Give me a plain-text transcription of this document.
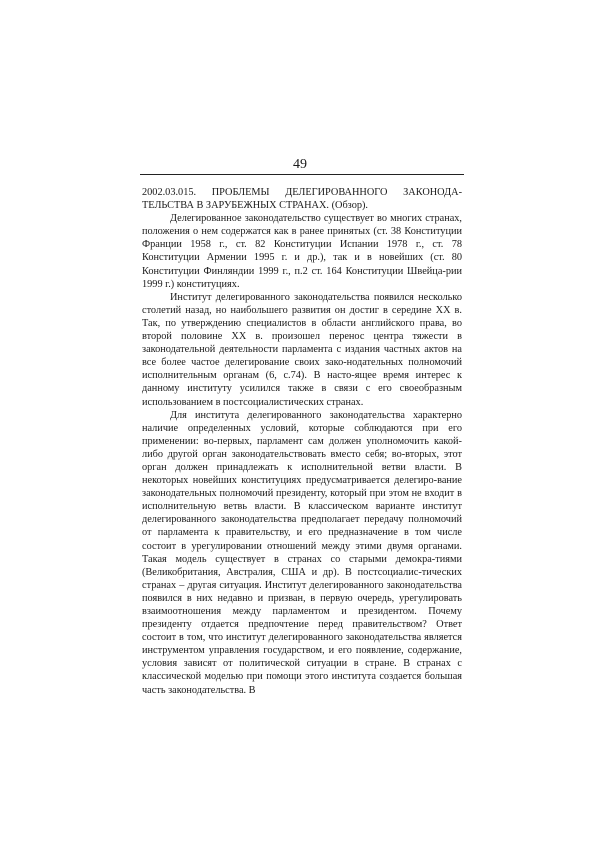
49

2002.03.015. ПРОБЛЕМЫ ДЕЛЕГИРОВАННОГО ЗАКОНОДА-ТЕЛЬСТВА В ЗАРУБЕЖНЫХ СТРАНАХ. (Обзор).

Делегированное законодательство существует во многих странах, положения о нем содержатся как в ранее принятых (ст. 38 Конституции Франции 1958 г., ст. 82 Конституции Испании 1978 г., ст. 78 Конституции Армении 1995 г. и др.), так и в новейших (ст. 80 Конституции Финляндии 1999 г., п.2 ст. 164 Конституции Швейца-рии 1999 г.) конституциях.

Институт делегированного законодательства появился несколько столетий назад, но наибольшего развития он достиг в середине XX в. Так, по утверждению специалистов в области английского права, во второй половине XX в. произошел перенос центра тяжести в законодательной деятельности парламента с издания частных актов на все более частое делегирование своих зако-нодательных полномочий исполнительным органам (6, с.74). В насто-ящее время интерес к данному институту усилился также в связи с его своеобразным использованием в постсоциалистических странах.

Для института делегированного законодательства характерно наличие определенных условий, которые соблюдаются при его применении: во-первых, парламент сам должен уполномочить какой-либо другой орган законодательствовать вместо себя; во-вторых, этот орган должен принадлежать к исполнительной ветви власти. В некоторых новейших конституциях предусматривается делегиро-вание законодательных полномочий президенту, который при этом не входит в исполнительную ветвь власти. В классическом варианте институт делегированного законодательства предполагает передачу полномочий от парламента к правительству, и его предназначение в том числе состоит в урегулировании отношений между этими двумя органами. Такая модель существует в странах со старыми демокра-тиями (Великобритания, Австралия, США и др). В постсоциалис-тических странах – другая ситуация. Институт делегированного законодательства появился в них недавно и призван, в первую очередь, урегулировать взаимоотношения между парламентом и президентом. Почему президенту отдается предпочтение перед правительством? Ответ состоит в том, что институт делегированного законодательства является инструментом управления государством, и его появление, содержание, условия зависят от политической ситуации в стране. В странах с классической моделью при помощи этого института создается большая часть законодательства. В
